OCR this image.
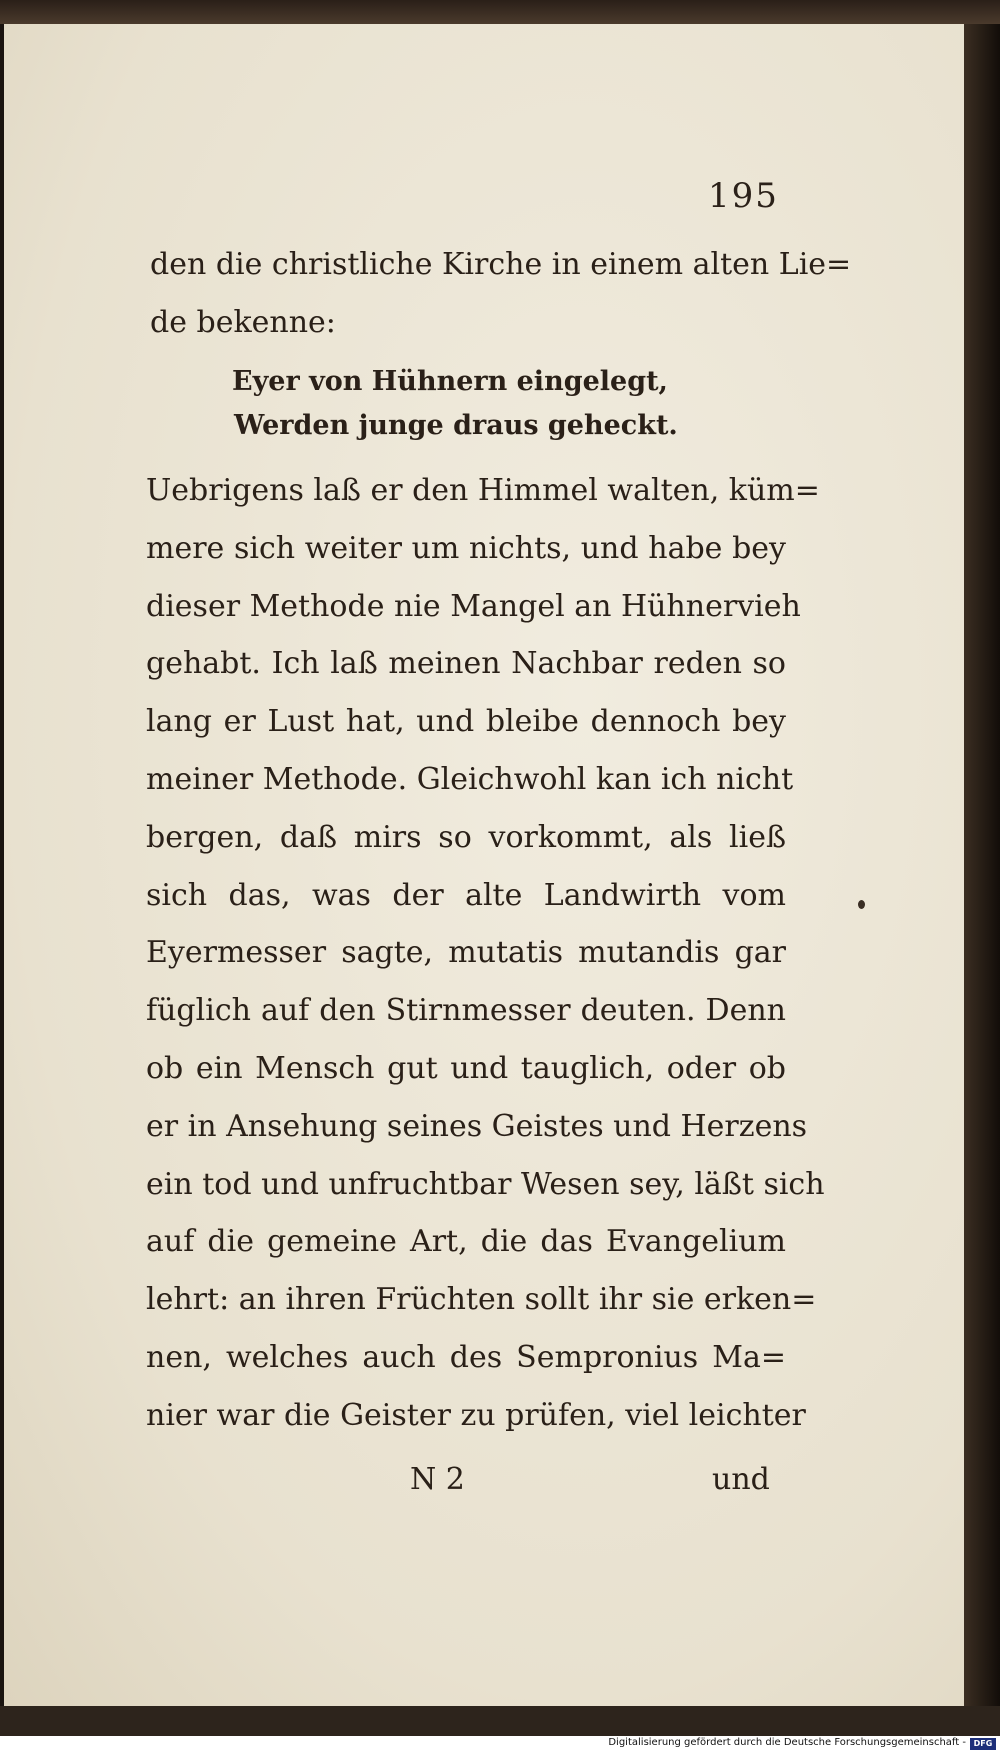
195
den die christliche Kirche in einem alten Lie=
de bekenne:
Eyer von Hühnern eingelegt,
Werden junge draus geheckt.
Uebrigens laß er den Himmel walten, küm=
mere sich weiter um nichts, und habe bey
dieser Methode nie Mangel an Hühnervieh
gehabt. Ich laß meinen Nachbar reden so
lang er Lust hat, und bleibe dennoch bey
meiner Methode. Gleichwohl kan ich nicht
bergen, daß mirs so vorkommt, als ließ
sich das, was der alte Landwirth vom
Eyermesser sagte, mutatis mutandis gar
füglich auf den Stirnmesser deuten. Denn
ob ein Mensch gut und tauglich, oder ob
er in Ansehung seines Geistes und Herzens
ein tod und unfruchtbar Wesen sey, läßt sich
auf die gemeine Art, die das Evangelium
lehrt: an ihren Früchten sollt ihr sie erken=
nen, welches auch des Sempronius Ma=
nier war die Geister zu prüfen, viel leichter
N 2	und
Digitalisierung gefördert durch die Deutsche Forschungsgemeinschaft - DFG
